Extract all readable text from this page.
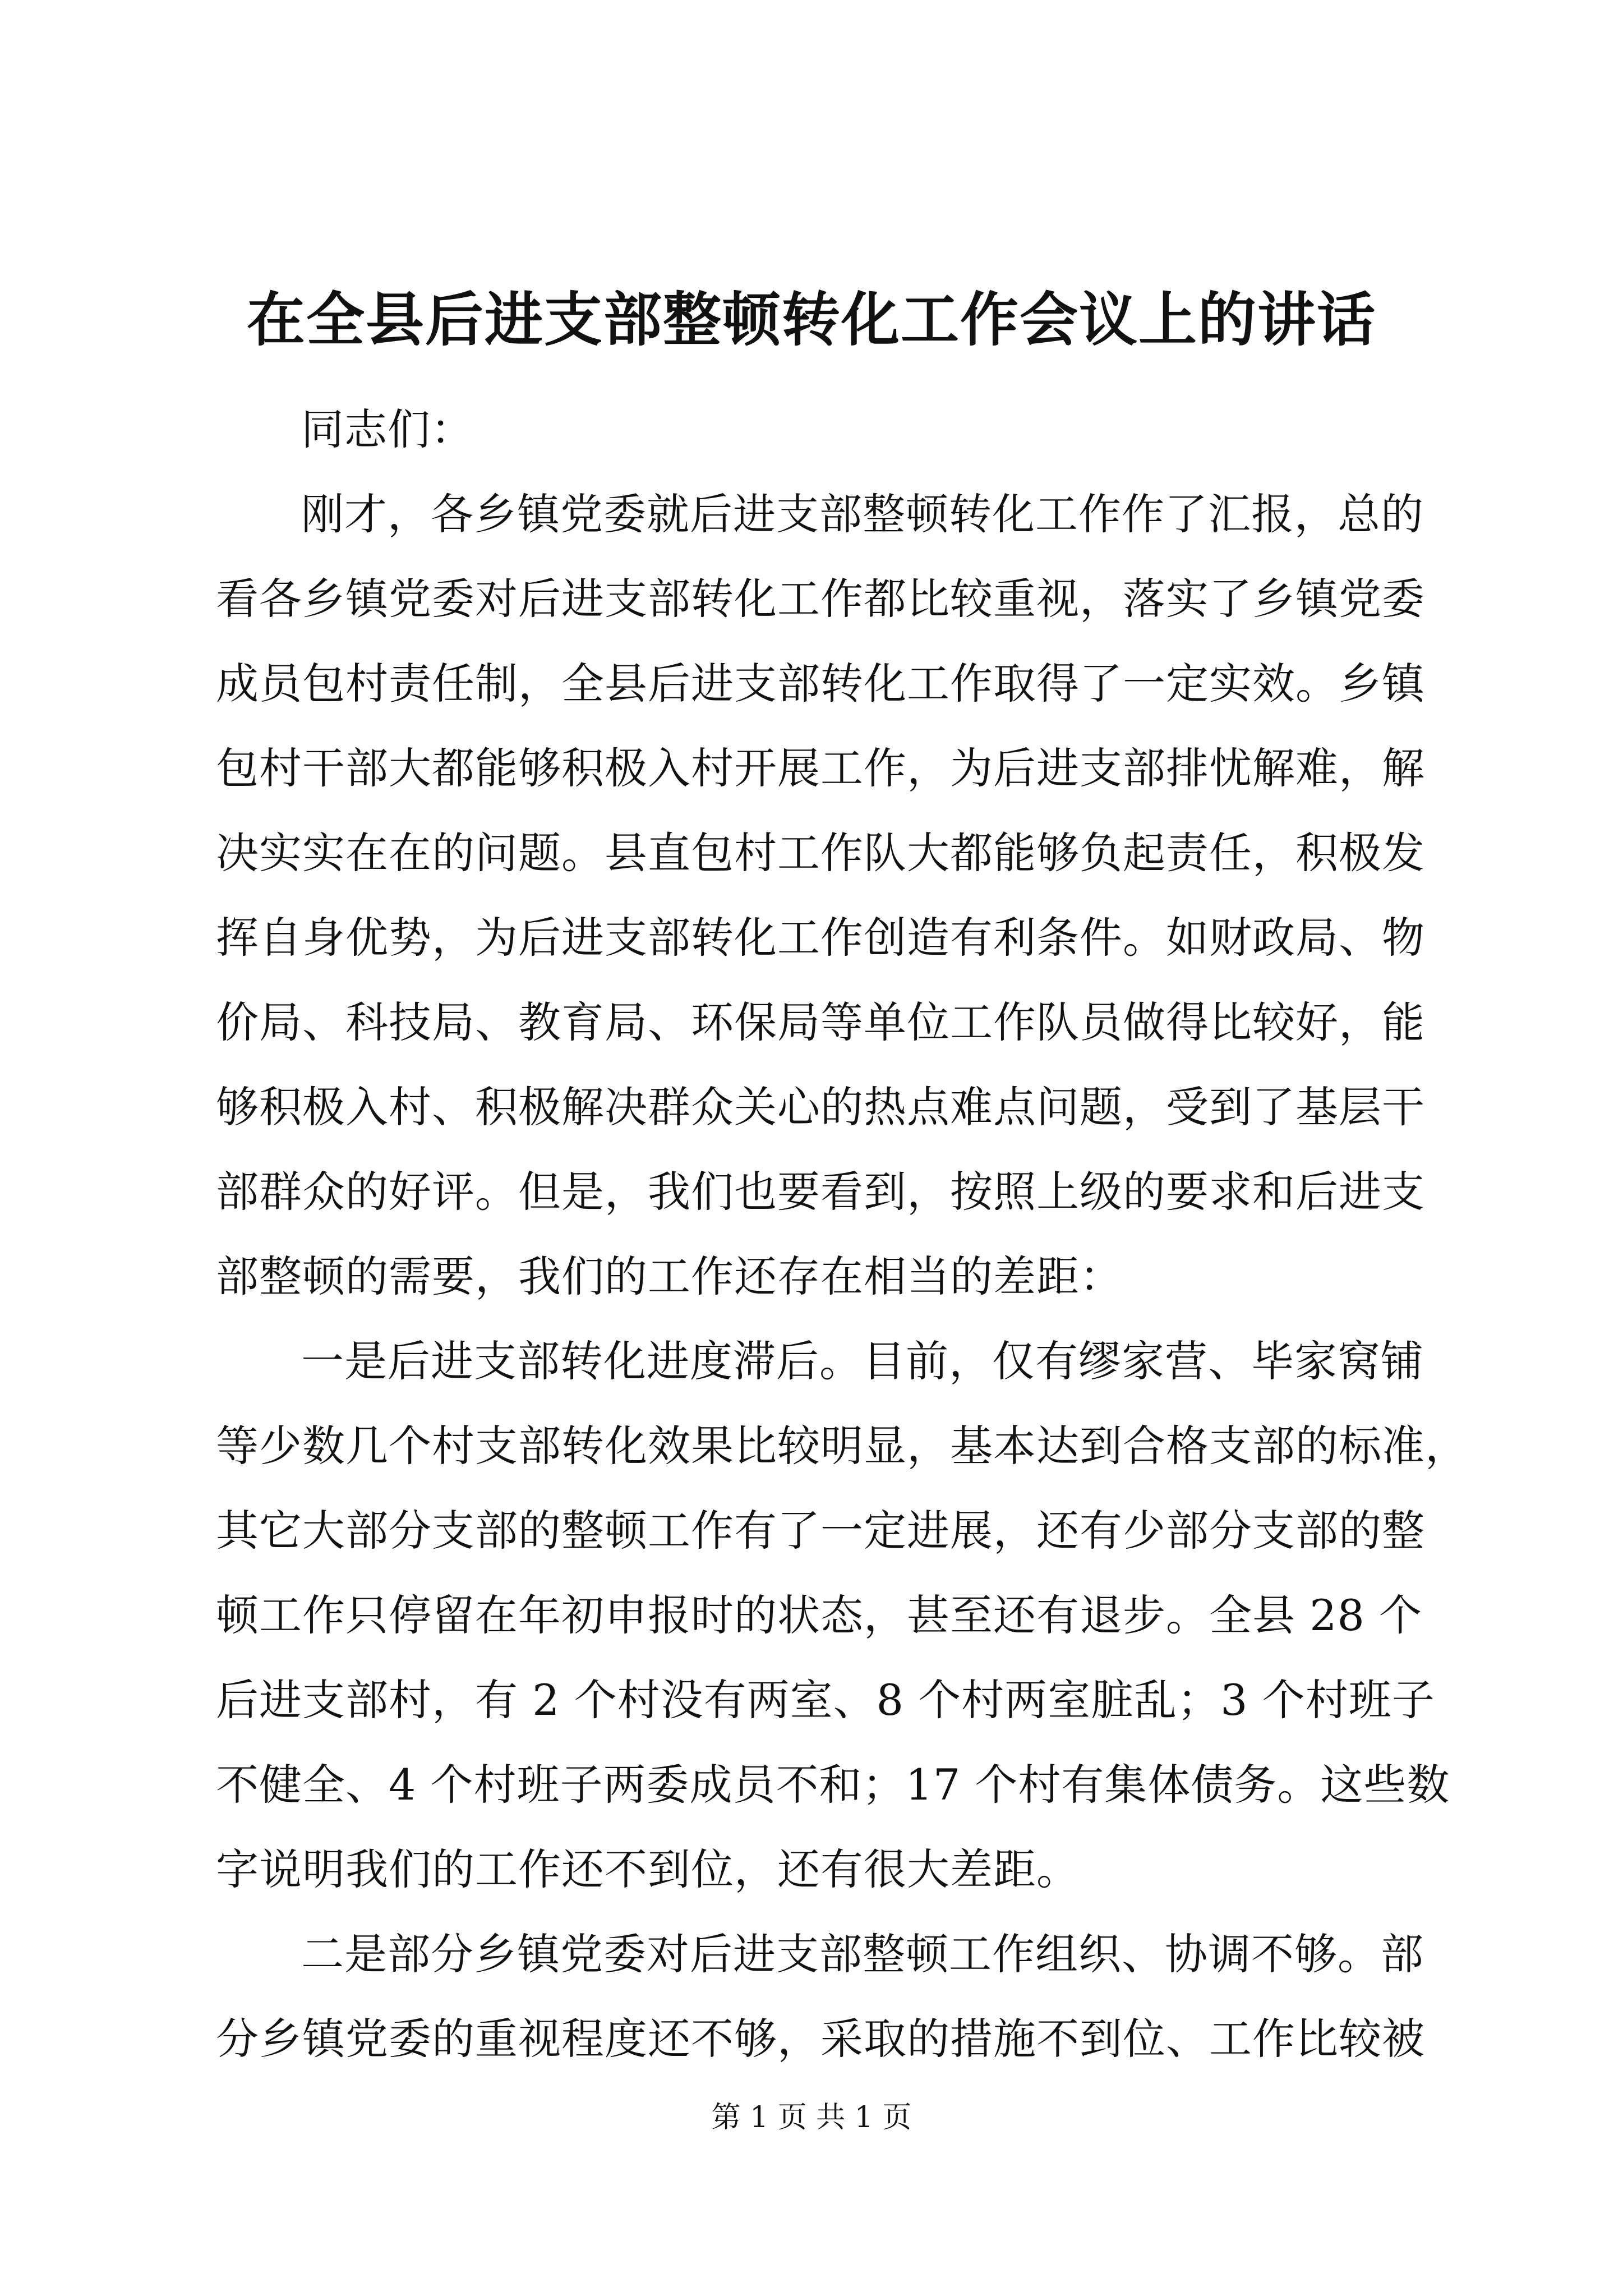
在全县后进支部整顿转化工作会议上的讲话
同志们：
刚才，各乡镇党委就后进支部整顿转化工作作了汇报，总的
看各乡镇党委对后进支部转化工作都比较重视，落实了乡镇党委
成员包村责任制，全县后进支部转化工作取得了一定实效。乡镇
包村干部大都能够积极入村开展工作，为后进支部排忧解难，解
决实实在在的问题。县直包村工作队大都能够负起责任，积极发
挥自身优势，为后进支部转化工作创造有利条件。如财政局、物
价局、科技局、教育局、环保局等单位工作队员做得比较好，能
够积极入村、积极解决群众关心的热点难点问题，受到了基层干
部群众的好评。但是，我们也要看到，按照上级的要求和后进支
部整顿的需要，我们的工作还存在相当的差距：
一是后进支部转化进度滞后。目前，仅有缪家营、毕家窝铺
等少数几个村支部转化效果比较明显，基本达到合格支部的标准，
其它大部分支部的整顿工作有了一定进展，还有少部分支部的整
顿工作只停留在年初申报时的状态，甚至还有退步。全县 28 个
后进支部村，有 2 个村没有两室、8 个村两室脏乱；3 个村班子
不健全、4 个村班子两委成员不和；17 个村有集体债务。这些数
字说明我们的工作还不到位，还有很大差距。
二是部分乡镇党委对后进支部整顿工作组织、协调不够。部
分乡镇党委的重视程度还不够，采取的措施不到位、工作比较被
第 1 页 共 1 页
